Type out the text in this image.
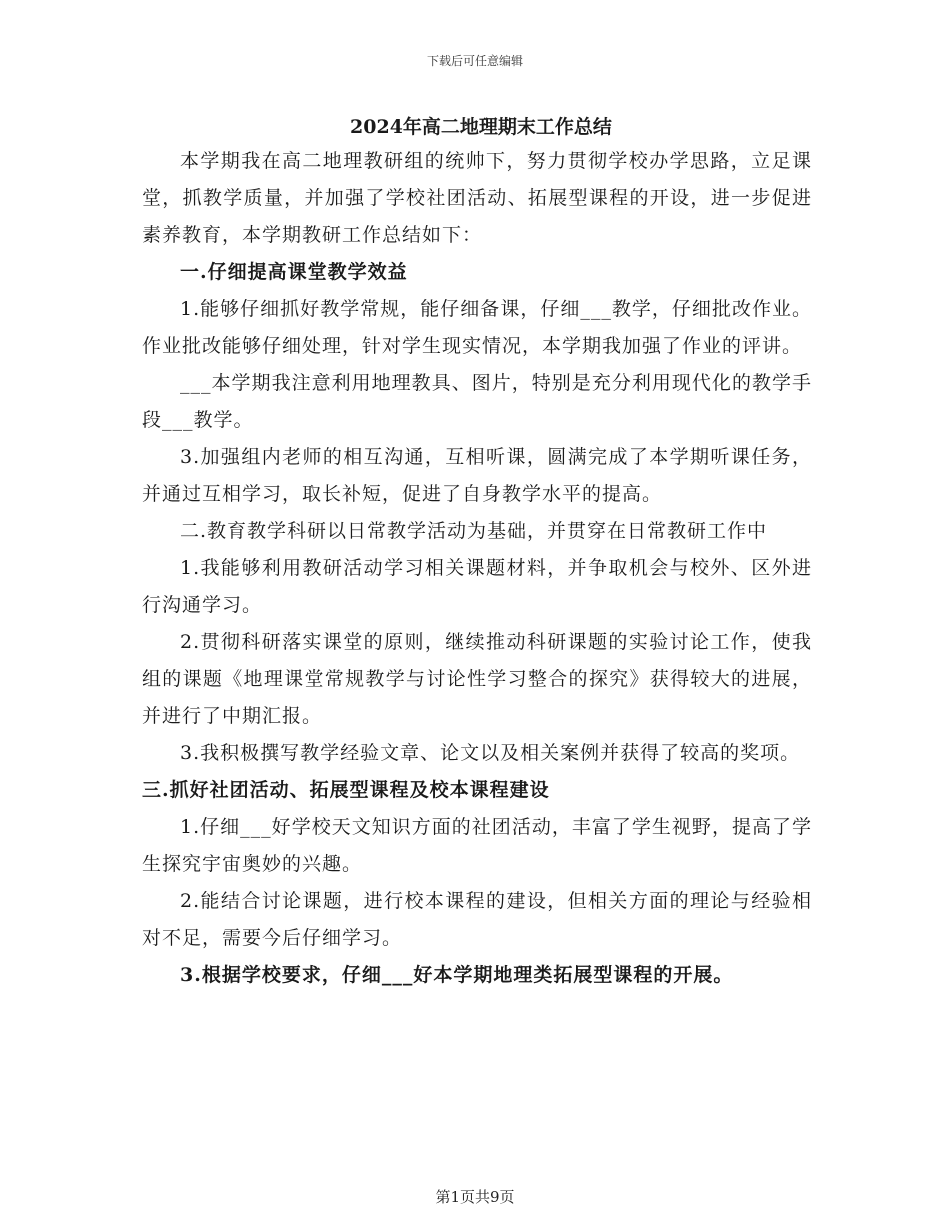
下载后可任意编辑
2024年高二地理期末工作总结

本学期我在高二地理教研组的统帅下，努力贯彻学校办学思路，立足课堂，抓教学质量，并加强了学校社团活动、拓展型课程的开设，进一步促进素养教育，本学期教研工作总结如下：

一.仔细提高课堂教学效益

1.能够仔细抓好教学常规，能仔细备课，仔细___教学，仔细批改作业。作业批改能够仔细处理，针对学生现实情况，本学期我加强了作业的评讲。

___本学期我注意利用地理教具、图片，特别是充分利用现代化的教学手段___教学。

3.加强组内老师的相互沟通，互相听课，圆满完成了本学期听课任务，并通过互相学习，取长补短，促进了自身教学水平的提高。

二.教育教学科研以日常教学活动为基础，并贯穿在日常教研工作中

1.我能够利用教研活动学习相关课题材料，并争取机会与校外、区外进行沟通学习。

2.贯彻科研落实课堂的原则，继续推动科研课题的实验讨论工作，使我组的课题《地理课堂常规教学与讨论性学习整合的探究》获得较大的进展，并进行了中期汇报。

3.我积极撰写教学经验文章、论文以及相关案例并获得了较高的奖项。

三.抓好社团活动、拓展型课程及校本课程建设

1.仔细___好学校天文知识方面的社团活动，丰富了学生视野，提高了学生探究宇宙奥妙的兴趣。

2.能结合讨论课题，进行校本课程的建设，但相关方面的理论与经验相对不足，需要今后仔细学习。

3.根据学校要求，仔细___好本学期地理类拓展型课程的开展。

第1页共9页
